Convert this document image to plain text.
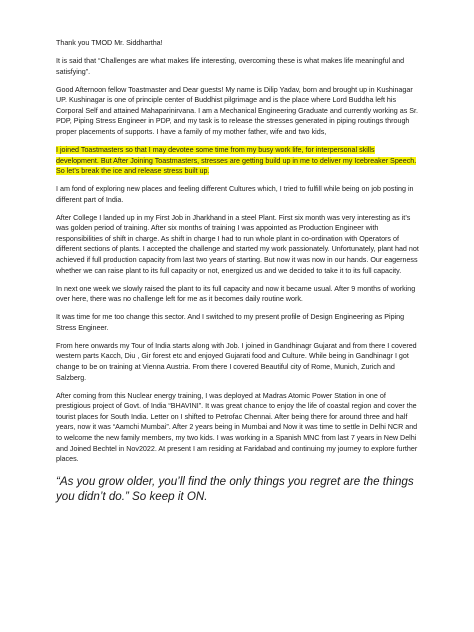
Thank you TMOD Mr. Siddhartha!

It is said that “Challenges are what makes life interesting, overcoming these is what makes life meaningful and satisfying”.

Good Afternoon fellow Toastmaster and Dear guests! My name is Dilip Yadav, born and brought up in Kushinagar UP. Kushinagar is one of principle center of Buddhist pilgrimage and is the place where Lord Buddha left his Corporal Self and attained Mahaparinirvana. I am a Mechanical Engineering Graduate and currently working as Sr. PDP, Piping Stress Engineer in PDP, and my task is to release the stresses generated in piping routings through proper placements of supports. I have a family of my mother father, wife and two kids,

I joined Toastmasters so that I may devotee some time from my busy work life, for interpersonal skills development. But After Joining Toastmasters, stresses are getting build up in me to deliver my Icebreaker Speech. So let’s break the ice and release stress built up.

I am fond of exploring new places and feeling different Cultures which, I tried to fulfill while being on job posting in different part of India.

After College I landed up in my First Job in Jharkhand in a steel Plant. First six month was very interesting as it’s was golden period of training. After six months of training I was appointed as Production Engineer with responsibilities of shift in charge. As shift in charge I had to run whole plant in co-ordination with Operators of different sections of plants. I accepted the challenge and started my work passionately. Unfortunately, plant had not achieved if full production capacity from last two years of starting. But now it was now in our hands. Our eagerness whether we can raise plant to its full capacity or not, energized us and we decided to take it to its full capacity.

In next one week we slowly raised the plant to its full capacity and now it became usual. After 9 months of working over here, there was no challenge left for me as it becomes daily routine work.

It was time for me too change this sector. And I switched to my present profile of Design Engineering as Piping Stress Engineer.

From here onwards my Tour of India starts along with Job. I joined in Gandhinagr Gujarat and from there I covered western parts Kacch, Diu , Gir forest etc and enjoyed Gujarati food and Culture. While being in Gandhinagr I got change to be on training at Vienna Austria. From there I covered Beautiful city of Rome, Munich, Zurich and Salzberg.

After coming from this Nuclear energy training, I was deployed at Madras Atomic Power Station in one of prestigious project of Govt. of India “BHAVINI”. It was great chance to enjoy the life of coastal region and cover the tourist places for South India. Letter on I shifted to Petrofac Chennai. After being there for around three and half years, now it was “Aamchi Mumbai”. After 2 years being in Mumbai and Now it was time to settle in Delhi NCR and to welcome the new family members, my two kids. I was working in a Spanish MNC from last 7 years in New Delhi and Joined Bechtel in Nov2022. At present I am residing at Faridabad and continuing my journey to explore further places.

“As you grow older, you’ll find the only things you regret are the things you didn’t do.” So keep it ON.
